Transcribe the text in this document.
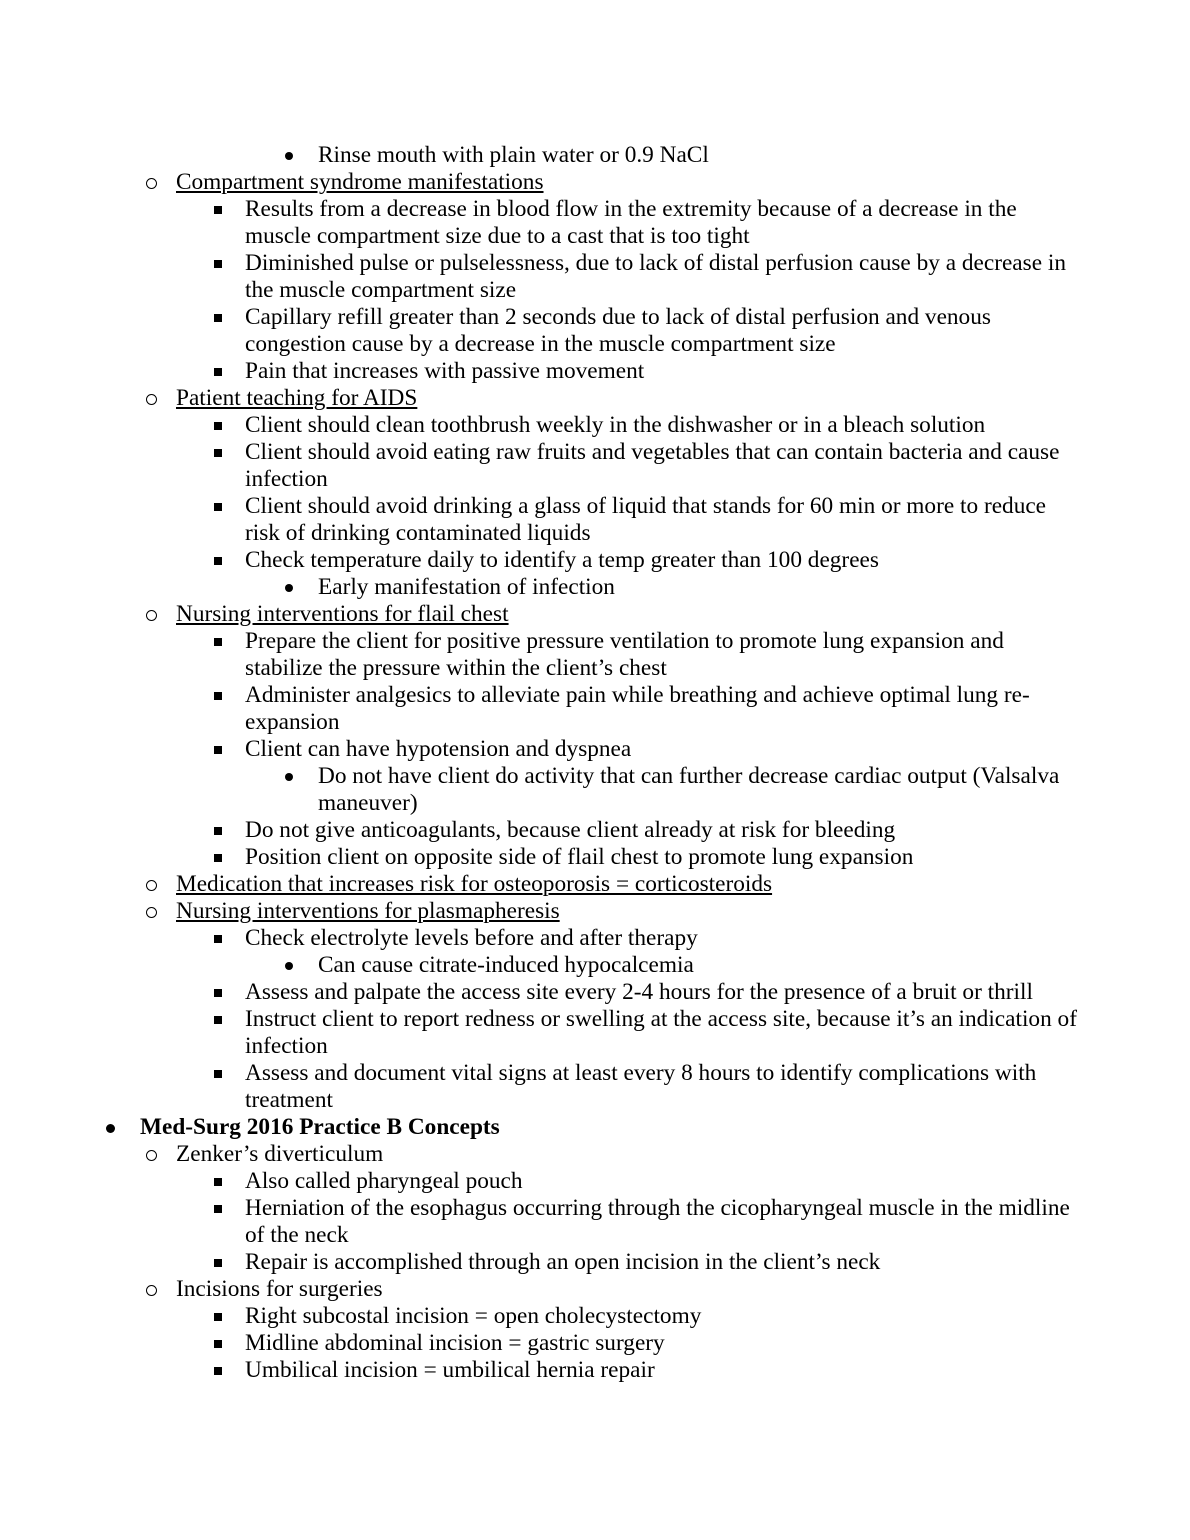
Rinse mouth with plain water or 0.9 NaCl
Compartment syndrome manifestations
Results from a decrease in blood flow in the extremity because of a decrease in the muscle compartment size due to a cast that is too tight
Diminished pulse or pulselessness, due to lack of distal perfusion cause by a decrease in the muscle compartment size
Capillary refill greater than 2 seconds due to lack of distal perfusion and venous congestion cause by a decrease in the muscle compartment size
Pain that increases with passive movement
Patient teaching for AIDS
Client should clean toothbrush weekly in the dishwasher or in a bleach solution
Client should avoid eating raw fruits and vegetables that can contain bacteria and cause infection
Client should avoid drinking a glass of liquid that stands for 60 min or more to reduce risk of drinking contaminated liquids
Check temperature daily to identify a temp greater than 100 degrees
Early manifestation of infection
Nursing interventions for flail chest
Prepare the client for positive pressure ventilation to promote lung expansion and stabilize the pressure within the client’s chest
Administer analgesics to alleviate pain while breathing and achieve optimal lung re-expansion
Client can have hypotension and dyspnea
Do not have client do activity that can further decrease cardiac output (Valsalva maneuver)
Do not give anticoagulants, because client already at risk for bleeding
Position client on opposite side of flail chest to promote lung expansion
Medication that increases risk for osteoporosis = corticosteroids
Nursing interventions for plasmapheresis
Check electrolyte levels before and after therapy
Can cause citrate-induced hypocalcemia
Assess and palpate the access site every 2-4 hours for the presence of a bruit or thrill
Instruct client to report redness or swelling at the access site, because it’s an indication of infection
Assess and document vital signs at least every 8 hours to identify complications with treatment
Med-Surg 2016 Practice B Concepts
Zenker’s diverticulum
Also called pharyngeal pouch
Herniation of the esophagus occurring through the cicopharyngeal muscle in the midline of the neck
Repair is accomplished through an open incision in the client’s neck
Incisions for surgeries
Right subcostal incision = open cholecystectomy
Midline abdominal incision = gastric surgery
Umbilical incision = umbilical hernia repair
